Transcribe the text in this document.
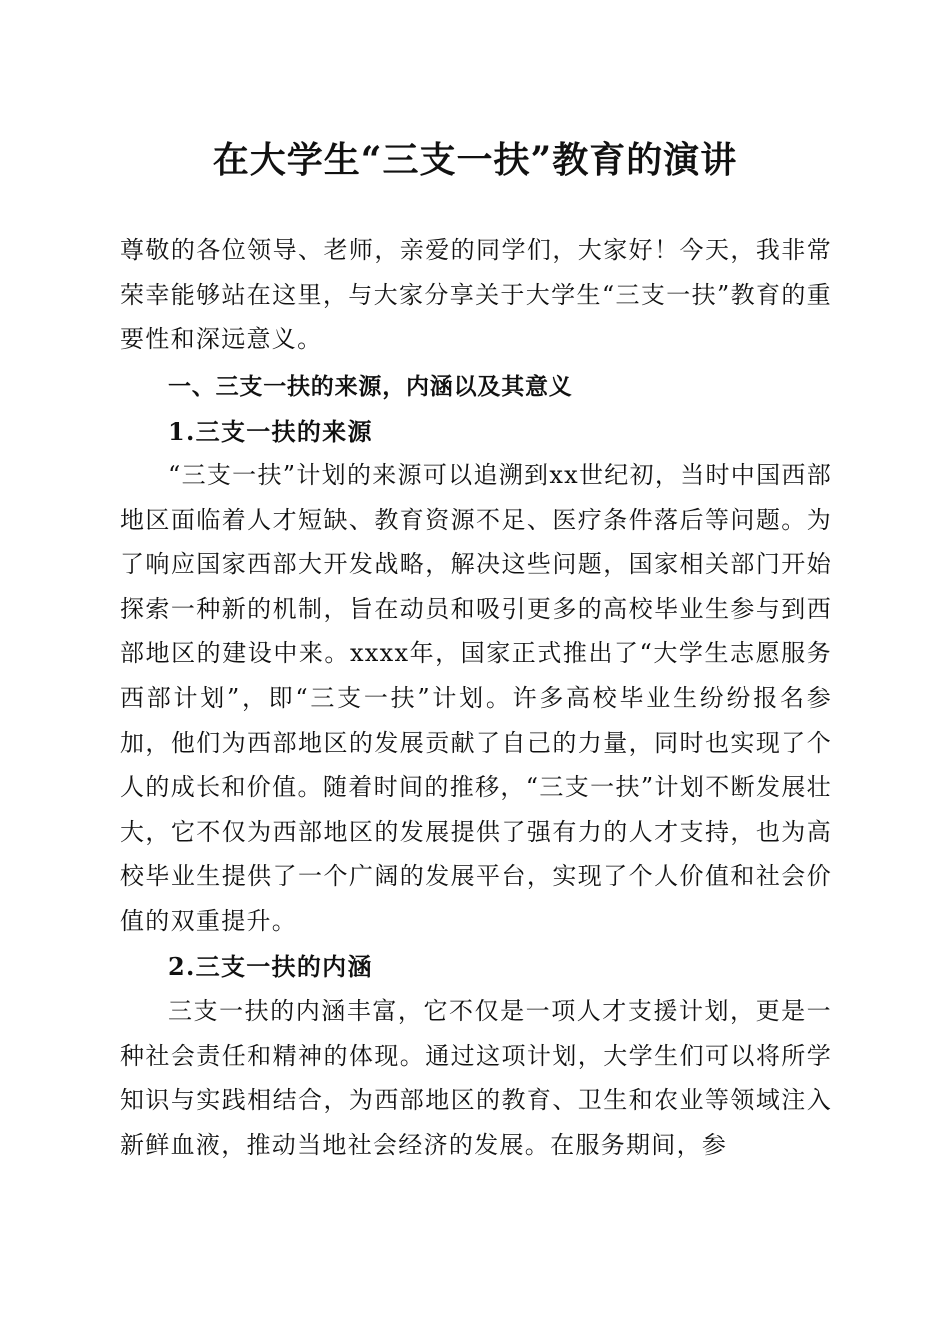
在大学生“三支一扶”教育的演讲

尊敬的各位领导、老师，亲爱的同学们，大家好！今天，我非常荣幸能够站在这里，与大家分享关于大学生“三支一扶”教育的重要性和深远意义。

一、三支一扶的来源，内涵以及其意义
1.三支一扶的来源

“三支一扶”计划的来源可以追溯到xx世纪初，当时中国西部地区面临着人才短缺、教育资源不足、医疗条件落后等问题。为了响应国家西部大开发战略，解决这些问题，国家相关部门开始探索一种新的机制，旨在动员和吸引更多的高校毕业生参与到西部地区的建设中来。xxxx年，国家正式推出了“大学生志愿服务西部计划”，即“三支一扶”计划。许多高校毕业生纷纷报名参加，他们为西部地区的发展贡献了自己的力量，同时也实现了个人的成长和价值。随着时间的推移，“三支一扶”计划不断发展壮大，它不仅为西部地区的发展提供了强有力的人才支持，也为高校毕业生提供了一个广阔的发展平台，实现了个人价值和社会价值的双重提升。

2.三支一扶的内涵

三支一扶的内涵丰富，它不仅是一项人才支援计划，更是一种社会责任和精神的体现。通过这项计划，大学生们可以将所学知识与实践相结合，为西部地区的教育、卫生和农业等领域注入新鲜血液，推动当地社会经济的发展。在服务期间，参
